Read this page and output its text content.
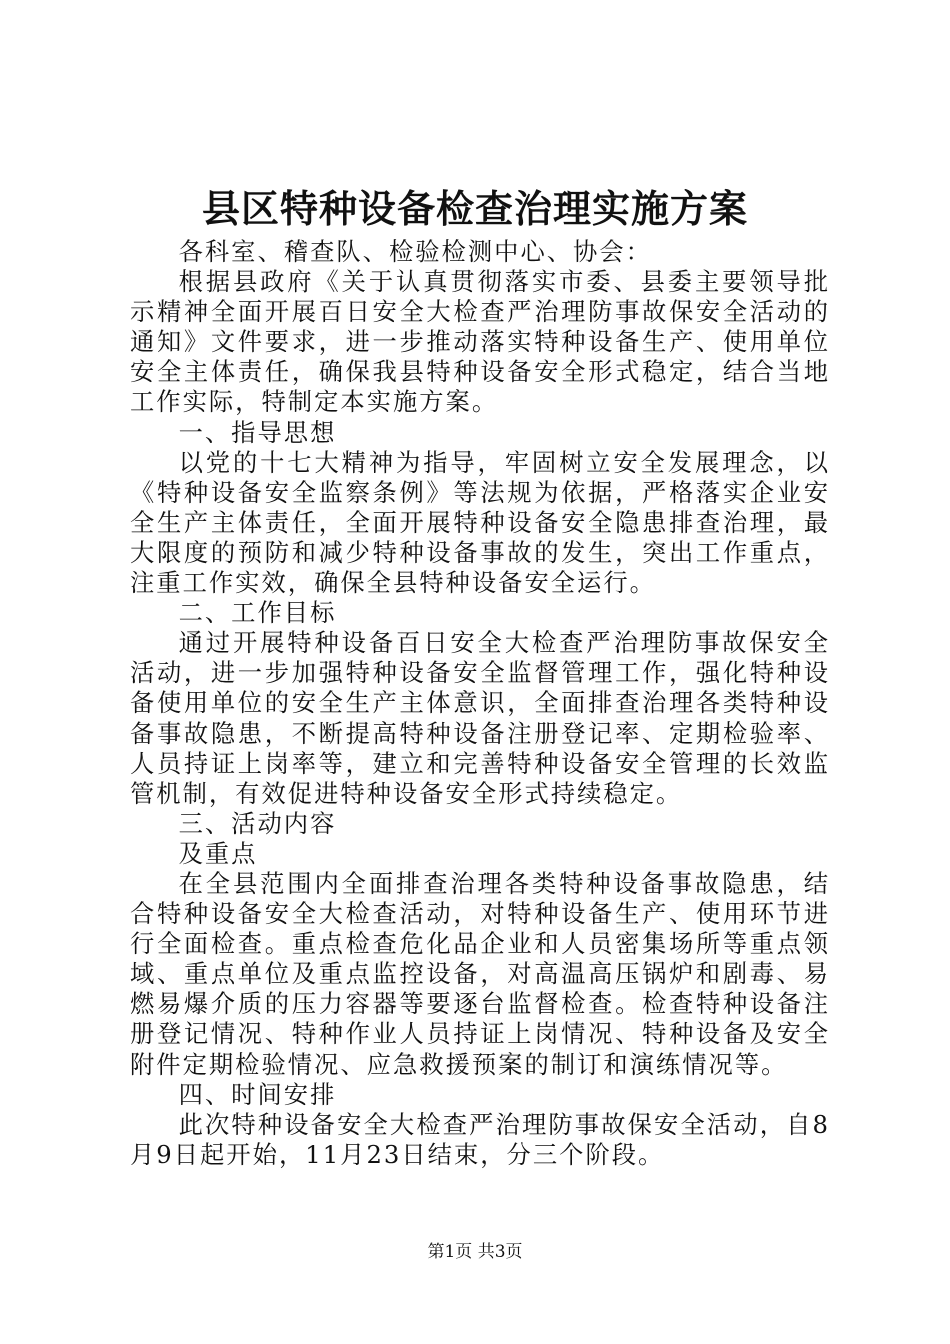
县区特种设备检查治理实施方案

各科室、稽查队、检验检测中心、协会：

根据县政府《关于认真贯彻落实市委、县委主要领导批示精神全面开展百日安全大检查严治理防事故保安全活动的通知》文件要求，进一步推动落实特种设备生产、使用单位安全主体责任，确保我县特种设备安全形式稳定，结合当地工作实际，特制定本实施方案。

一、指导思想

以党的十七大精神为指导，牢固树立安全发展理念，以《特种设备安全监察条例》等法规为依据，严格落实企业安全生产主体责任，全面开展特种设备安全隐患排查治理，最大限度的预防和减少特种设备事故的发生，突出工作重点，注重工作实效，确保全县特种设备安全运行。

二、工作目标

通过开展特种设备百日安全大检查严治理防事故保安全活动，进一步加强特种设备安全监督管理工作，强化特种设备使用单位的安全生产主体意识，全面排查治理各类特种设备事故隐患，不断提高特种设备注册登记率、定期检验率、人员持证上岗率等，建立和完善特种设备安全管理的长效监管机制，有效促进特种设备安全形式持续稳定。

三、活动内容

及重点

在全县范围内全面排查治理各类特种设备事故隐患，结合特种设备安全大检查活动，对特种设备生产、使用环节进行全面检查。重点检查危化品企业和人员密集场所等重点领域、重点单位及重点监控设备，对高温高压锅炉和剧毒、易燃易爆介质的压力容器等要逐台监督检查。检查特种设备注册登记情况、特种作业人员持证上岗情况、特种设备及安全附件定期检验情况、应急救援预案的制订和演练情况等。

四、时间安排

此次特种设备安全大检查严治理防事故保安全活动，自8月9日起开始，11月23日结束，分三个阶段。

第1页 共3页
